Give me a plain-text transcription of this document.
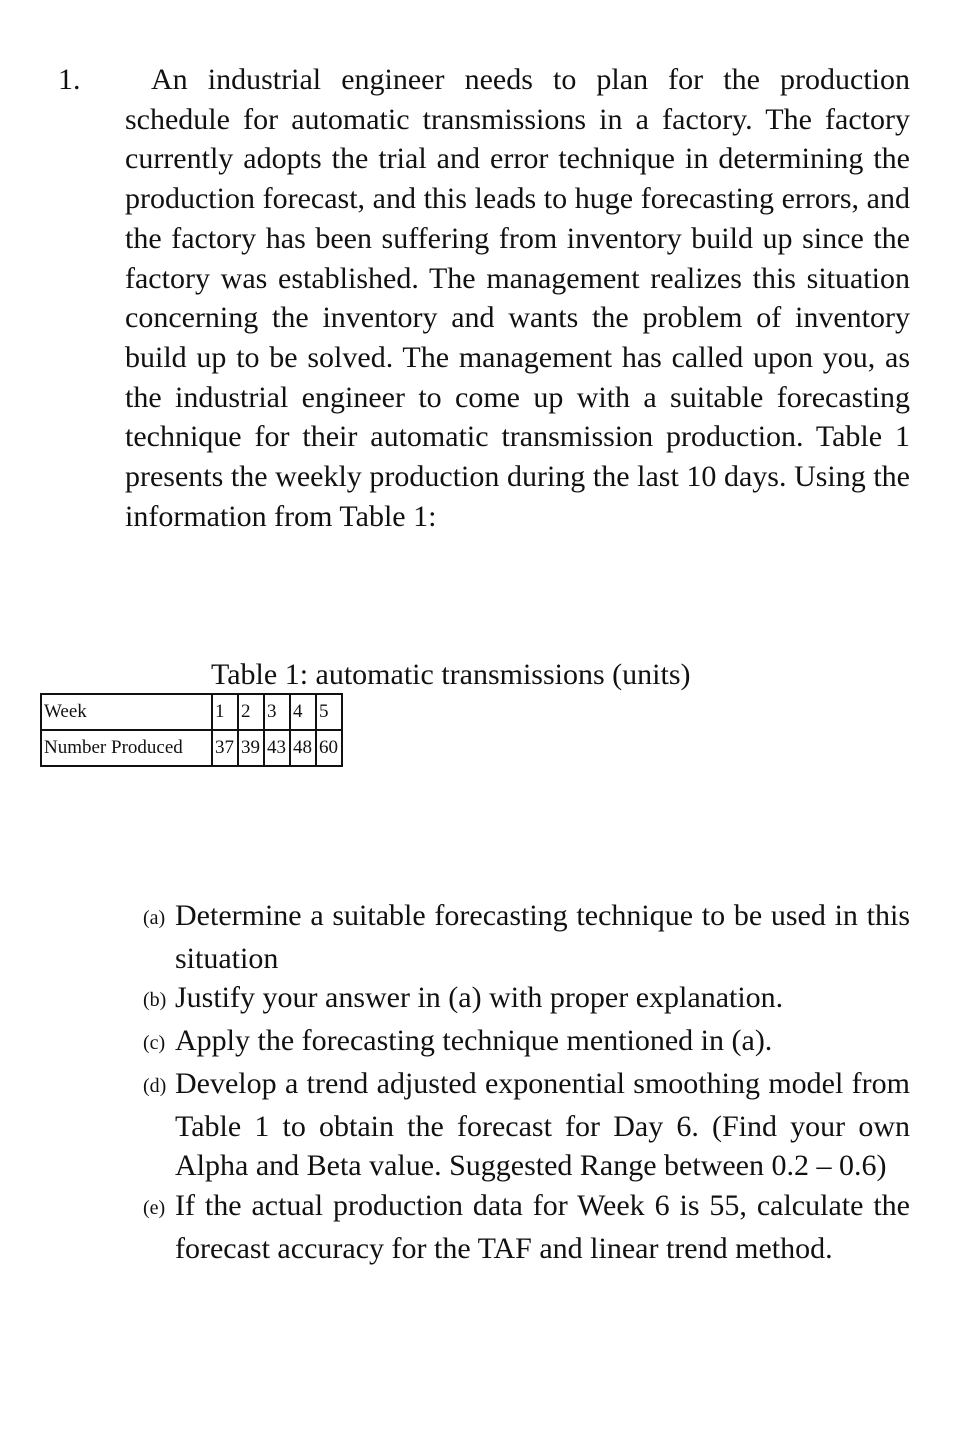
1.	An industrial engineer needs to plan for the production schedule for automatic transmissions in a factory. The factory currently adopts the trial and error technique in determining the production forecast, and this leads to huge forecasting errors, and the factory has been suffering from inventory build up since the factory was established. The management realizes this situation concerning the inventory and wants the problem of inventory build up to be solved. The management has called upon you, as the industrial engineer to come up with a suitable forecasting technique for their automatic transmission production. Table 1 presents the weekly production during the last 10 days. Using the information from Table 1:

Table 1: automatic transmissions (units)
Week	1	2	3	4	5
Number Produced	37	39	43	48	60
(a) Determine a suitable forecasting technique to be used in this situation
(b) Justify your answer in (a) with proper explanation.
(c) Apply the forecasting technique mentioned in (a).
(d) Develop a trend adjusted exponential smoothing model from Table 1 to obtain the forecast for Day 6. (Find your own Alpha and Beta value. Suggested Range between 0.2 – 0.6)
(e) If the actual production data for Week 6 is 55, calculate the forecast accuracy for the TAF and linear trend method.
